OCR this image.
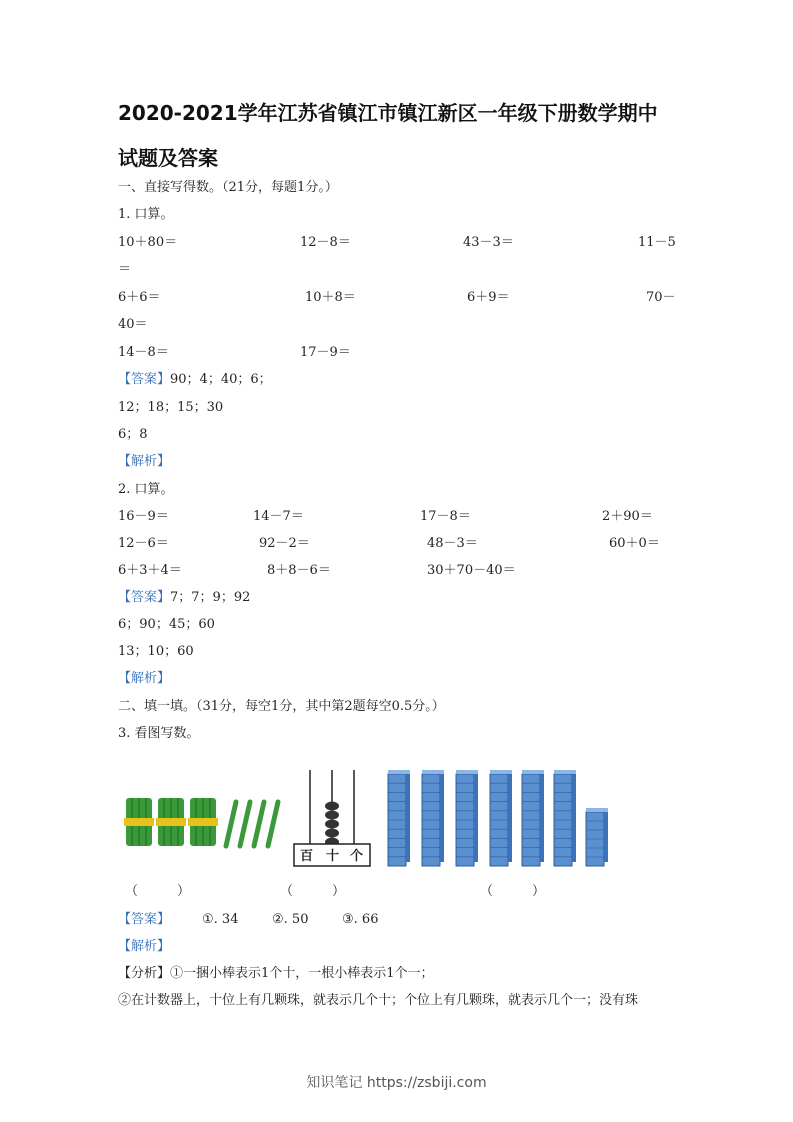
2020-2021学年江苏省镇江市镇江新区一年级下册数学期中
试题及答案
一、直接写得数。（21分，每题1分。）
1. 口算。
10＋80＝	12－8＝	43－3＝	11－5
＝
6＋6＝	10＋8＝	6＋9＝	70－
40＝
14－8＝	17－9＝
【答案】90；4；40；6；
12；18；15；30
6；8
【解析】
2. 口算。
16－9＝	14－7＝	17－8＝	2＋90＝
12－6＝	92－2＝	48－3＝	60＋0＝
6＋3＋4＝	8＋8－6＝	30＋70－40＝
【答案】7；7；9；92
6；90；45；60
13；10；60
【解析】
二、填一填。（31分，每空1分，其中第2题每空0.5分。）
3. 看图写数。
百 十 个
（　　　）	（　　　）	（　　　）
【答案】 ①. 34	②. 50	③. 66
【解析】
【分析】①一捆小棒表示1个十，一根小棒表示1个一；
②在计数器上，十位上有几颗珠，就表示几个十；个位上有几颗珠，就表示几个一；没有珠
知识笔记 https://zsbiji.com
